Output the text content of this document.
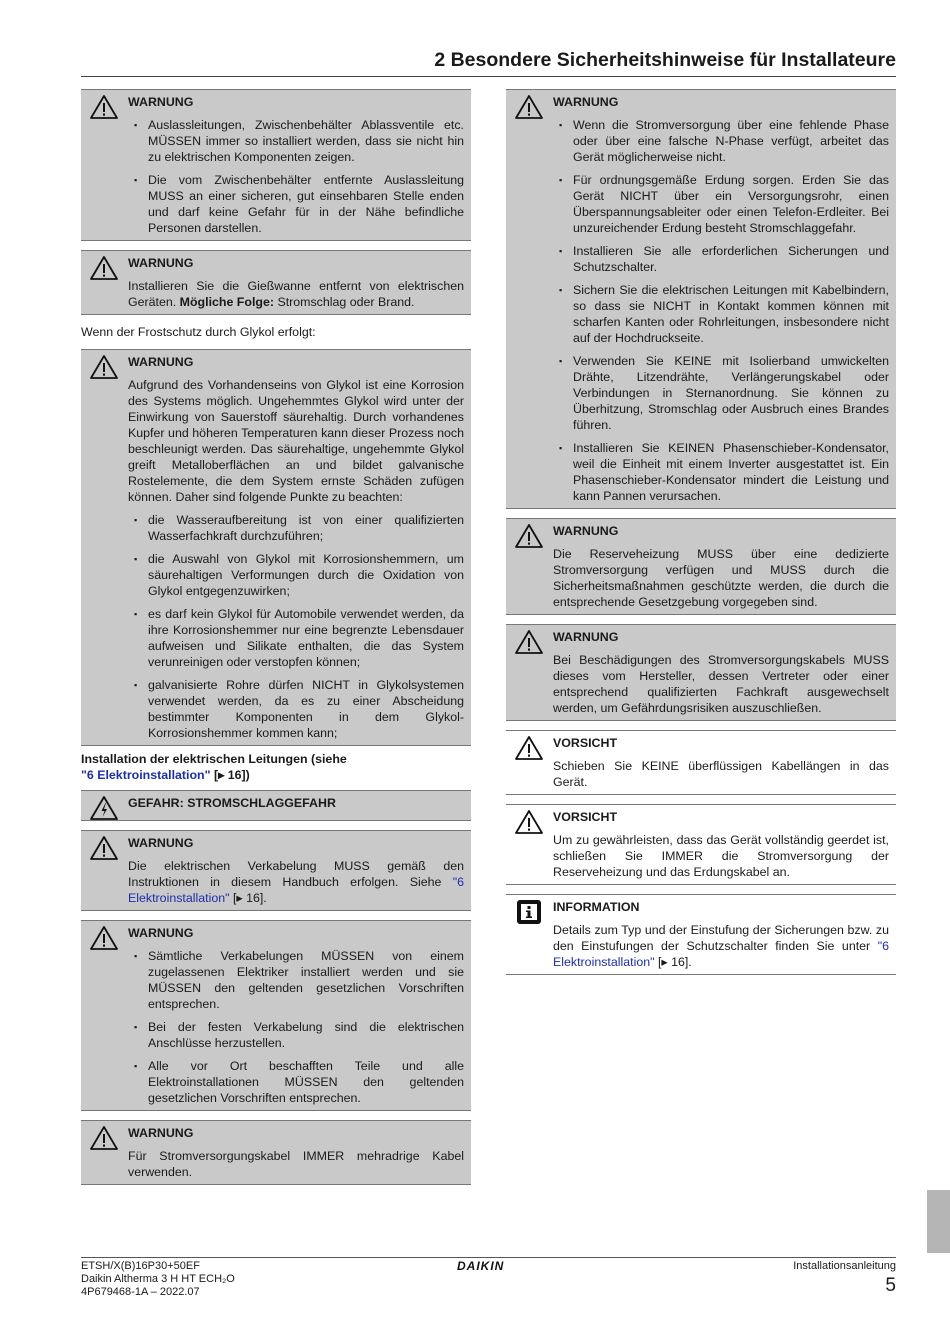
2 Besondere Sicherheitshinweise für Installateure
WARNUNG
▪ Auslassleitungen, Zwischenbehälter Ablassventile etc. MÜSSEN immer so installiert werden, dass sie nicht hin zu elektrischen Komponenten zeigen.
▪ Die vom Zwischenbehälter entfernte Auslassleitung MUSS an einer sicheren, gut einsehbaren Stelle enden und darf keine Gefahr für in der Nähe befindliche Personen darstellen.
WARNUNG

Installieren Sie die Gießwanne entfernt von elektrischen Geräten. Mögliche Folge: Stromschlag oder Brand.

Wenn der Frostschutz durch Glykol erfolgt:

WARNUNG

Aufgrund des Vorhandenseins von Glykol ist eine Korrosion des Systems möglich. Ungehemmtes Glykol wird unter der Einwirkung von Sauerstoff säurehaltig. Durch vorhandenes Kupfer und höheren Temperaturen kann dieser Prozess noch beschleunigt werden. Das säurehaltige, ungehemmte Glykol greift Metalloberflächen an und bildet galvanische Rostelemente, die dem System ernste Schäden zufügen können. Daher sind folgende Punkte zu beachten:

▪ die Wasseraufbereitung ist von einer qualifizierten Wasserfachkraft durchzuführen;
▪ die Auswahl von Glykol mit Korrosionshemmern, um säurehaltigen Verformungen durch die Oxidation von Glykol entgegenzuwirken;
▪ es darf kein Glykol für Automobile verwendet werden, da ihre Korrosionshemmer nur eine begrenzte Lebensdauer aufweisen und Silikate enthalten, die das System verunreinigen oder verstopfen können;
▪ galvanisierte Rohre dürfen NICHT in Glykolsystemen verwendet werden, da es zu einer Abscheidung bestimmter Komponenten in dem Glykol-Korrosionshemmer kommen kann;
Installation der elektrischen Leitungen (siehe
"6 Elektroinstallation" [▸ 16])
GEFAHR: STROMSCHLAGGEFAHR
WARNUNG

Die elektrischen Verkabelung MUSS gemäß den Instruktionen in diesem Handbuch erfolgen. Siehe "6 Elektroinstallation" [▸ 16].

WARNUNG
▪ Sämtliche Verkabelungen MÜSSEN von einem zugelassenen Elektriker installiert werden und sie MÜSSEN den geltenden gesetzlichen Vorschriften entsprechen.
▪ Bei der festen Verkabelung sind die elektrischen Anschlüsse herzustellen.
▪ Alle vor Ort beschafften Teile und alle Elektroinstallationen MÜSSEN den geltenden gesetzlichen Vorschriften entsprechen.
WARNUNG

Für Stromversorgungskabel IMMER mehradrige Kabel verwenden.

WARNUNG
▪ Wenn die Stromversorgung über eine fehlende Phase oder über eine falsche N-Phase verfügt, arbeitet das Gerät möglicherweise nicht.
▪ Für ordnungsgemäße Erdung sorgen. Erden Sie das Gerät NICHT über ein Versorgungsrohr, einen Überspannungsableiter oder einen Telefon-Erdleiter. Bei unzureichender Erdung besteht Stromschlaggefahr.
▪ Installieren Sie alle erforderlichen Sicherungen und Schutzschalter.
▪ Sichern Sie die elektrischen Leitungen mit Kabelbindern, so dass sie NICHT in Kontakt kommen können mit scharfen Kanten oder Rohrleitungen, insbesondere nicht auf der Hochdruckseite.
▪ Verwenden Sie KEINE mit Isolierband umwickelten Drähte, Litzendrähte, Verlängerungskabel oder Verbindungen in Sternanordnung. Sie können zu Überhitzung, Stromschlag oder Ausbruch eines Brandes führen.
▪ Installieren Sie KEINEN Phasenschieber-Kondensator, weil die Einheit mit einem Inverter ausgestattet ist. Ein Phasenschieber-Kondensator mindert die Leistung und kann Pannen verursachen.
WARNUNG

Die Reserveheizung MUSS über eine dedizierte Stromversorgung verfügen und MUSS durch die Sicherheitsmaßnahmen geschützte werden, die durch die entsprechende Gesetzgebung vorgegeben sind.

WARNUNG

Bei Beschädigungen des Stromversorgungskabels MUSS dieses vom Hersteller, dessen Vertreter oder einer entsprechend qualifizierten Fachkraft ausgewechselt werden, um Gefährdungsrisiken auszuschließen.

VORSICHT

Schieben Sie KEINE überflüssigen Kabellängen in das Gerät.

VORSICHT

Um zu gewährleisten, dass das Gerät vollständig geerdet ist, schließen Sie IMMER die Stromversorgung der Reserveheizung und das Erdungskabel an.

INFORMATION

Details zum Typ und der Einstufung der Sicherungen bzw. zu den Einstufungen der Schutzschalter finden Sie unter "6 Elektroinstallation" [▸ 16].

ETSH/X(B)16P30+50EF
Daikin Altherma 3 H HT ECH₂O
4P679468-1A – 2022.07
DAIKIN	Installationsanleitung
5
